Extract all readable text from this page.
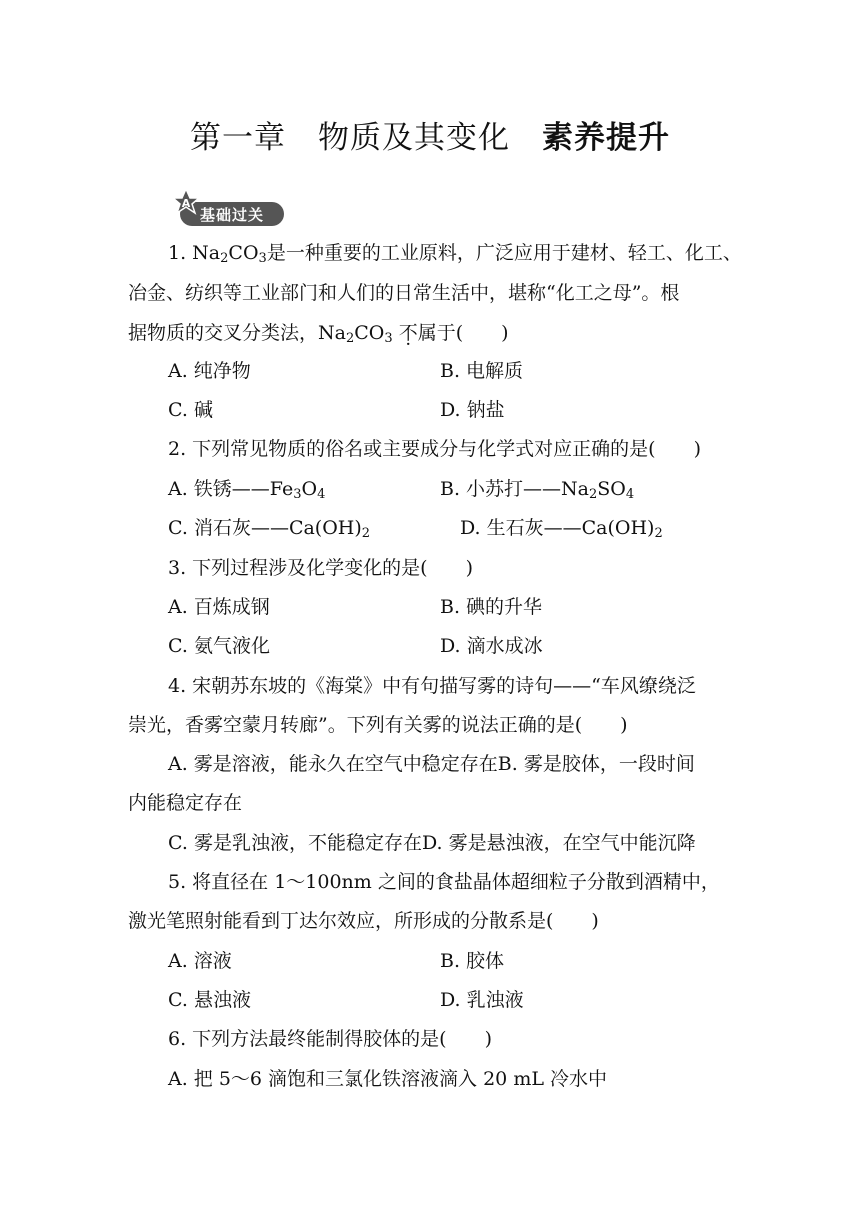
第一章　物质及其变化　 素养提升
基础过关
A
1. $Na_2CO_3$是一种重要的工业原料，广泛应用于建材、轻工、化工、
冶金、纺织等工业部门和人们的日常生活中，堪称“化工之母”。根
据物质的交叉分类法，$Na_2CO_3$ 不属于(　　)
A. 纯净物	B. 电解质
C. 碱	D. 钠盐
2. 下列常见物质的俗名或主要成分与化学式对应正确的是(　　)
A. 铁锈$——Fe_3O_4$	B. 小苏打$——Na_2SO_4$
C. 消石灰$——Ca(OH)_2$	D. 生石灰$——Ca(OH)_2$
3. 下列过程涉及化学变化的是(　　)
A. 百炼成钢	B. 碘的升华
C. 氨气液化	D. 滴水成冰
4. 宋朝苏东坡的《海棠》中有句描写雾的诗句——“车风缭绕泛
崇光，香雾空蒙月转廊”。下列有关雾的说法正确的是(　　)
A. 雾是溶液，能永久在空气中稳定存在B. 雾是胶体，一段时间
内能稳定存在
C. 雾是乳浊液，不能稳定存在D. 雾是悬浊液，在空气中能沉降
5. 将直径在 1～100nm 之间的食盐晶体超细粒子分散到酒精中，
激光笔照射能看到丁达尔效应，所形成的分散系是(　　)
A. 溶液	B. 胶体
C. 悬浊液	D. 乳浊液
6. 下列方法最终能制得胶体的是(　　)
A. 把 5～6 滴饱和三氯化铁溶液滴入 20 mL 冷水中
